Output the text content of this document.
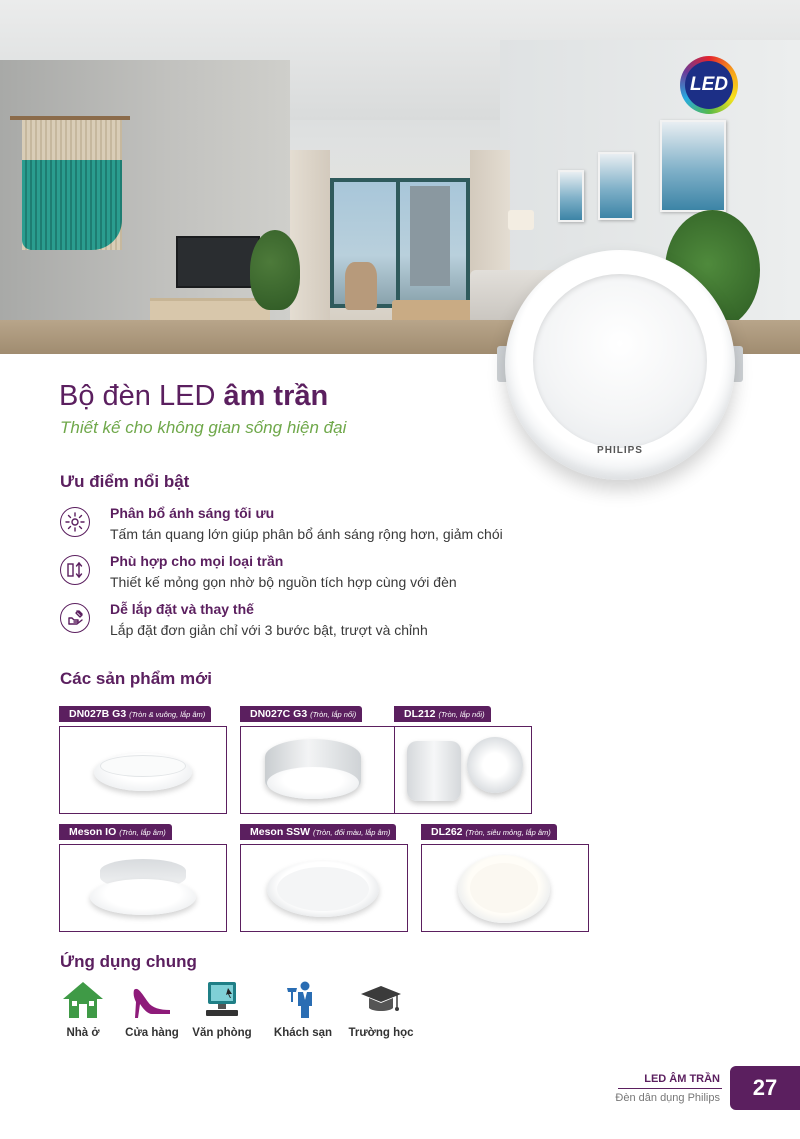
LED
PHILIPS
Bộ đèn LED âm trần
Thiết kế cho không gian sống hiện đại
Ưu điểm nổi bật
Phân bổ ánh sáng tối ưu
Tấm tán quang lớn giúp phân bổ ánh sáng rộng hơn, giảm chói
Phù hợp cho mọi loại trần
Thiết kế mỏng gọn nhờ bộ nguồn tích hợp cùng với đèn
Dễ lắp đặt và thay thế
Lắp đặt đơn giản chỉ với 3 bước bật, trượt và chỉnh
Các sản phẩm mới
DN027B G3 (Tròn & vuông, lắp âm)	DN027C G3 (Tròn, lắp nổi)	DL212 (Tròn, lắp nổi)
Meson IO (Tròn, lắp âm)	Meson SSW (Tròn, đổi màu, lắp âm)	DL262 (Tròn, siêu mỏng, lắp âm)
Ứng dụng chung
Nhà ở	Cửa hàng	Văn phòng	Khách sạn	Trường học
LED ÂM TRẦN
Đèn dân dụng Philips	27
